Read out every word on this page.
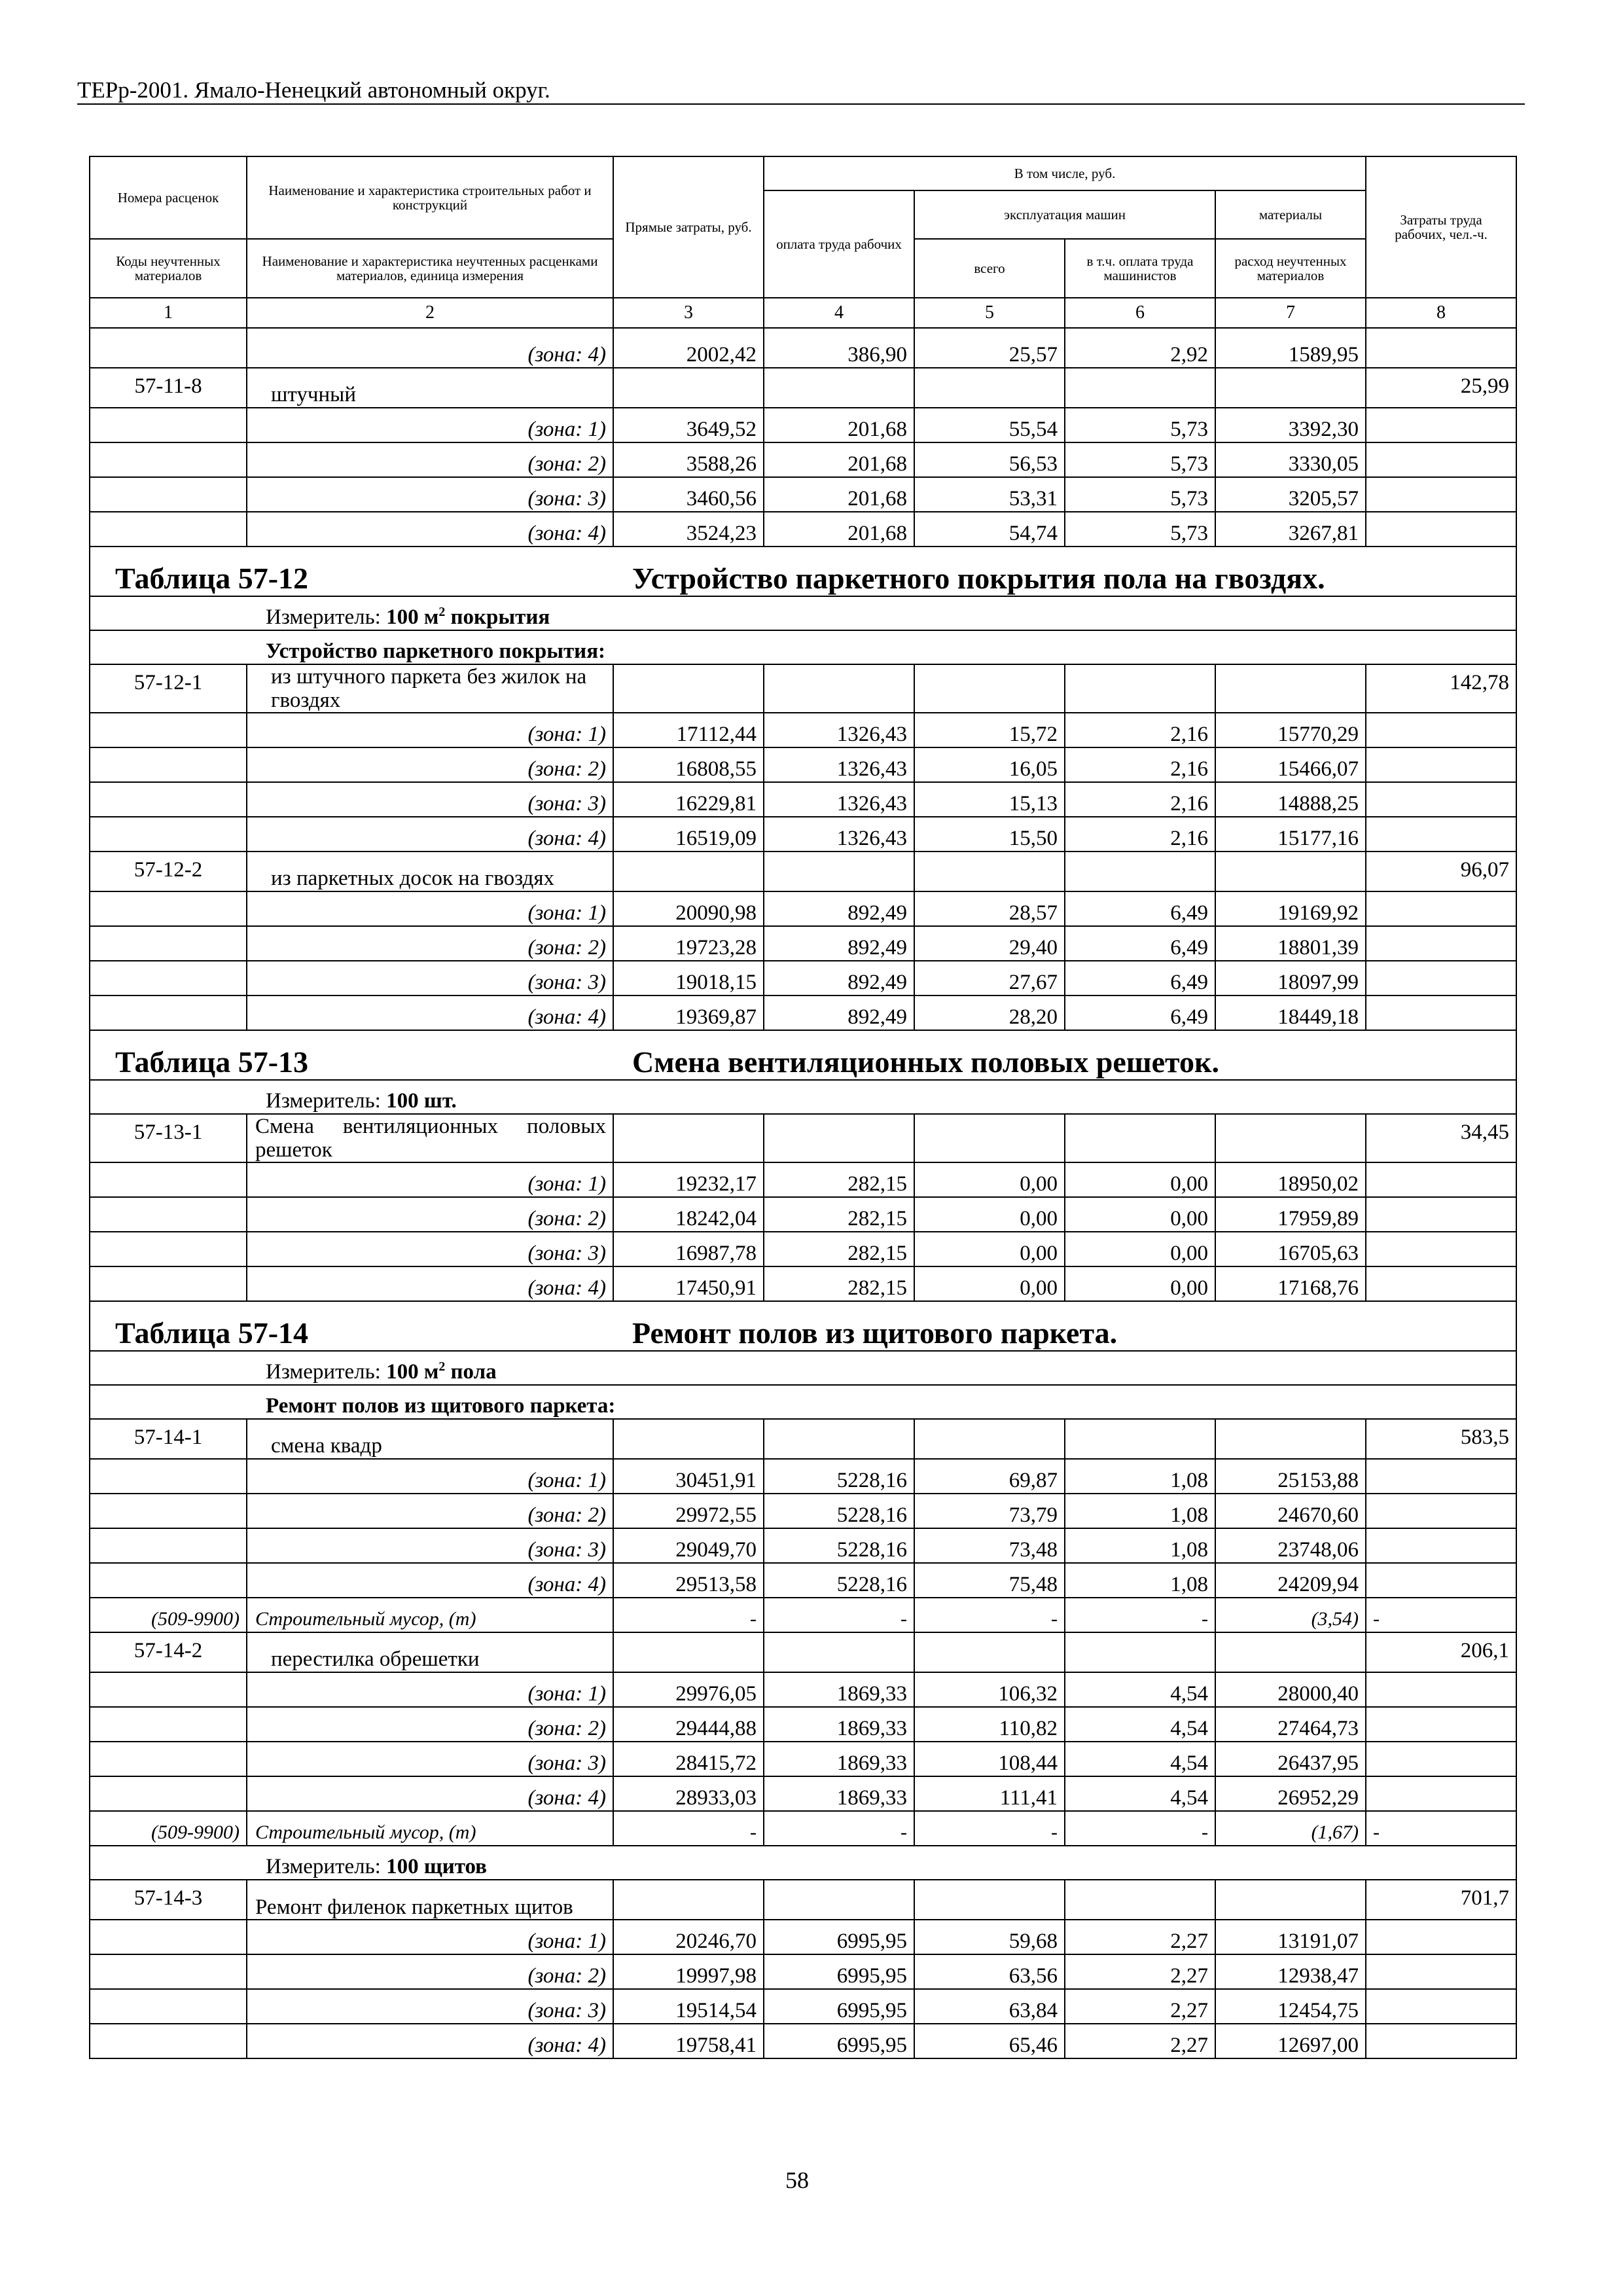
ТЕРр-2001. Ямало-Ненецкий автономный округ.
Номера расценок	Наименование и характеристика строительных работ и конструкций	Прямые затраты, руб.	В том числе, руб.				Затраты труда рабочих, чел.-ч.
			оплата труда рабочих	эксплуатация машин		материалы	
Коды неучтенных материалов	Наименование и характеристика неучтенных расценками материалов, единица измерения			всего	в т.ч. оплата труда машинистов	расход неучтенных материалов	
1	2	3	4	5	6	7	8
	(зона: 4)	2002,42	386,90	25,57	2,92	1589,95	
57-11-8	штучный						25,99
	(зона: 1)	3649,52	201,68	55,54	5,73	3392,30	
	(зона: 2)	3588,26	201,68	56,53	5,73	3330,05	
	(зона: 3)	3460,56	201,68	53,31	5,73	3205,57	
	(зона: 4)	3524,23	201,68	54,74	5,73	3267,81	
Таблица 57-12 Устройство паркетного покрытия пола на гвоздях.							
Измеритель: 100 $м^2$ покрытия							
Устройство паркетного покрытия:							
57-12-1	из штучного паркета без жилок на гвоздях						142,78
	(зона: 1)	17112,44	1326,43	15,72	2,16	15770,29	
	(зона: 2)	16808,55	1326,43	16,05	2,16	15466,07	
	(зона: 3)	16229,81	1326,43	15,13	2,16	14888,25	
	(зона: 4)	16519,09	1326,43	15,50	2,16	15177,16	
57-12-2	из паркетных досок на гвоздях						96,07
	(зона: 1)	20090,98	892,49	28,57	6,49	19169,92	
	(зона: 2)	19723,28	892,49	29,40	6,49	18801,39	
	(зона: 3)	19018,15	892,49	27,67	6,49	18097,99	
	(зона: 4)	19369,87	892,49	28,20	6,49	18449,18	
Таблица 57-13 Смена вентиляционных половых решеток.							
Измеритель: 100 шт.							
57-13-1	Смена вентиляционных половых решеток						34,45
	(зона: 1)	19232,17	282,15	0,00	0,00	18950,02	
	(зона: 2)	18242,04	282,15	0,00	0,00	17959,89	
	(зона: 3)	16987,78	282,15	0,00	0,00	16705,63	
	(зона: 4)	17450,91	282,15	0,00	0,00	17168,76	
Таблица 57-14 Ремонт полов из щитового паркета.							
Измеритель: 100 $м^2$ пола							
Ремонт полов из щитового паркета:							
57-14-1	смена квадр						583,5
	(зона: 1)	30451,91	5228,16	69,87	1,08	25153,88	
	(зона: 2)	29972,55	5228,16	73,79	1,08	24670,60	
	(зона: 3)	29049,70	5228,16	73,48	1,08	23748,06	
	(зона: 4)	29513,58	5228,16	75,48	1,08	24209,94	
(509-9900)	Строительный мусор, (т)	-	-	-	-	(3,54)	-
57-14-2	перестилка обрешетки						206,1
	(зона: 1)	29976,05	1869,33	106,32	4,54	28000,40	
	(зона: 2)	29444,88	1869,33	110,82	4,54	27464,73	
	(зона: 3)	28415,72	1869,33	108,44	4,54	26437,95	
	(зона: 4)	28933,03	1869,33	111,41	4,54	26952,29	
(509-9900)	Строительный мусор, (т)	-	-	-	-	(1,67)	-
Измеритель: 100 щитов							
57-14-3	Ремонт филенок паркетных щитов						701,7
	(зона: 1)	20246,70	6995,95	59,68	2,27	13191,07	
	(зона: 2)	19997,98	6995,95	63,56	2,27	12938,47	
	(зона: 3)	19514,54	6995,95	63,84	2,27	12454,75	
	(зона: 4)	19758,41	6995,95	65,46	2,27	12697,00	
58
